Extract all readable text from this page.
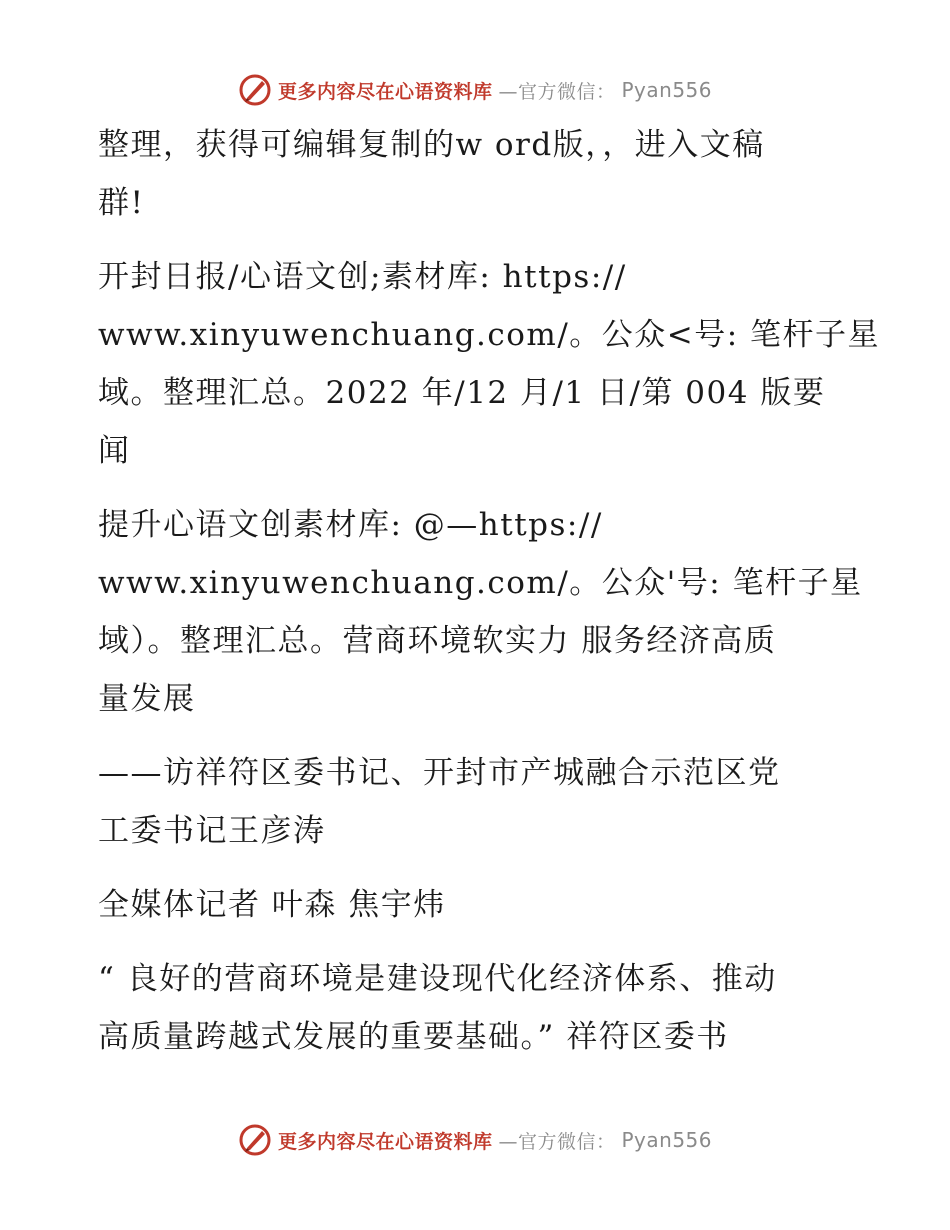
更多内容尽在心语资料库 —官方微信： Pyan556
整理，获得可编辑复制的w ord版，，进入文稿
群!
开封日报/心语文创;素材库: https://
www.xinyuwenchuang.com/。公众<号: 笔杆子星
域。整理汇总。2022 年/12 月/1 日/第 004 版要
闻
提升心语文创素材库: @—https://
www.xinyuwenchuang.com/。公众'号: 笔杆子星
域）。整理汇总。营商环境软实力 服务经济高质
量发展
——访祥符区委书记、开封市产城融合示范区党
工委书记王彦涛
全媒体记者 叶森 焦宇炜
“ 良好的营商环境是建设现代化经济体系、推动
高质量跨越式发展的重要基础。” 祥符区委书
更多内容尽在心语资料库 —官方微信： Pyan556
